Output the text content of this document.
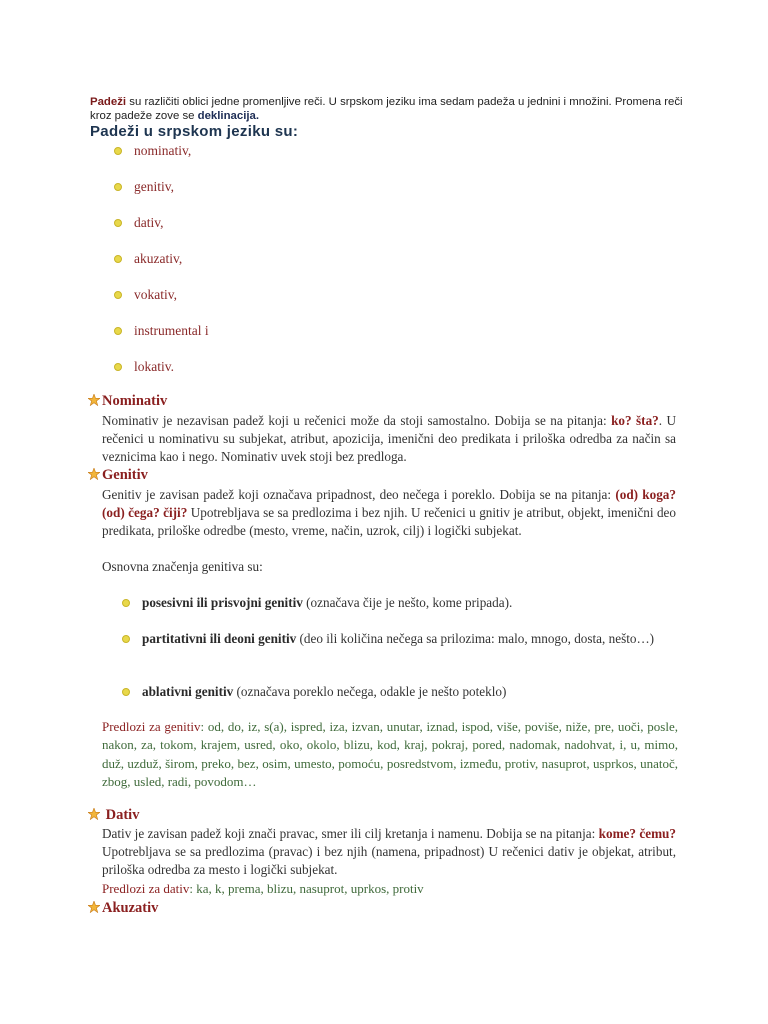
Padeži su različiti oblici jedne promenljive reči. U srpskom jeziku ima sedam padeža u jednini i množini. Promena reči kroz padeže zove se deklinacija.
Padeži u srpskom jeziku su:
nominativ,
genitiv,
dativ,
akuzativ,
vokativ,
instrumental i
lokativ.
Nominativ
Nominativ je nezavisan padež koji u rečenici može da stoji samostalno. Dobija se na pitanja: ko? šta?. U rečenici u nominativu su subjekat, atribut, apozicija, imenični deo predikata i priloška odredba za način sa veznicima kao i nego. Nominativ uvek stoji bez predloga.
Genitiv
Genitiv je zavisan padež koji označava pripadnost, deo nečega i poreklo. Dobija se na pitanja: (od) koga? (od) čega? čiji? Upotrebljava se sa predlozima i bez njih. U rečenici u gnitiv je atribut, objekt, imenični deo predikata, priloške odredbe (mesto, vreme, način, uzrok, cilj) i logički subjekat.
Osnovna značenja genitiva su:
posesivni ili prisvojni genitiv (označava čije je nešto, kome pripada).
partitativni ili deoni genitiv (deo ili količina nečega sa prilozima: malo, mnogo, dosta, nešto…)
ablativni genitiv (označava poreklo nečega, odakle je nešto poteklo)
Predlozi za genitiv: od, do, iz, s(a), ispred, iza, izvan, unutar, iznad, ispod, više, poviše, niže, pre, uoči, posle, nakon, za, tokom, krajem, usred, oko, okolo, blizu, kod, kraj, pokraj, pored, nadomak, nadohvat, i, u, mimo, duž, uzduž, širom, preko, bez, osim, umesto, pomoću, posredstvom, između, protiv, nasuprot, usprkos, unatoč, zbog, usled, radi, povodom…
Dativ
Dativ je zavisan padež koji znači pravac, smer ili cilj kretanja i namenu. Dobija se na pitanja: kome? čemu? Upotrebljava se sa predlozima (pravac) i bez njih (namena, pripadnost) U rečenici dativ je objekat, atribut, priloška odredba za mesto i logički subjekat.
Predlozi za dativ: ka, k, prema, blizu, nasuprot, uprkos, protiv
Akuzativ
